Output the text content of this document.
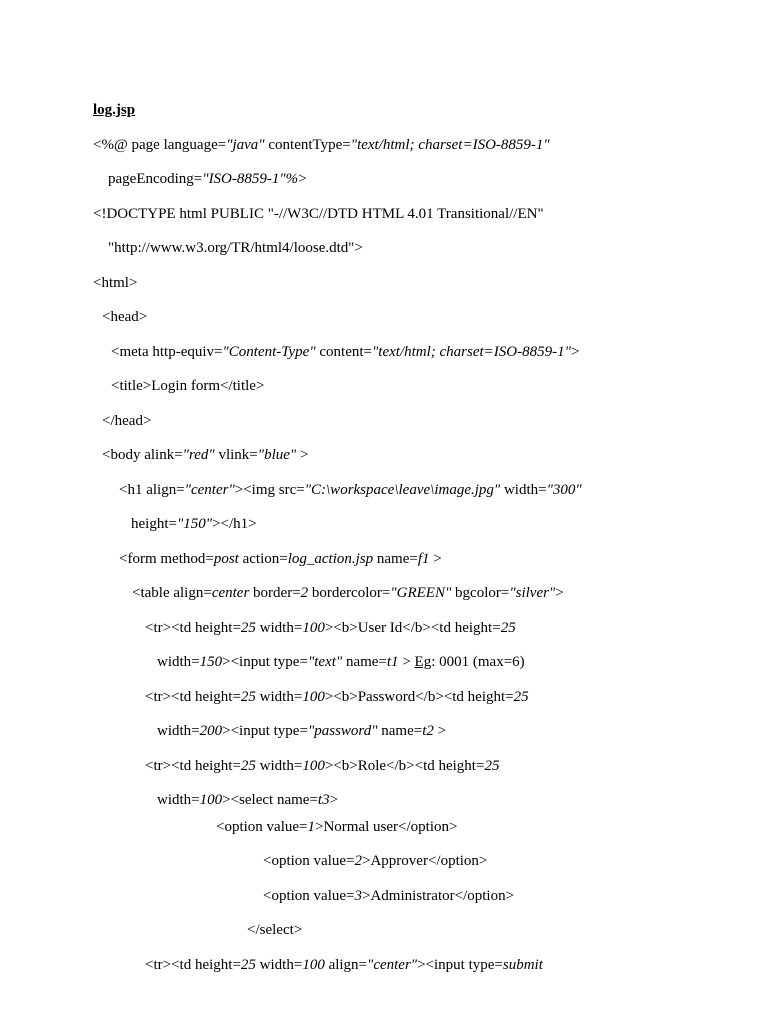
log.jsp
<%@ page language="java" contentType="text/html; charset=ISO-8859-1"
pageEncoding="ISO-8859-1"%>
<!DOCTYPE html PUBLIC "-//W3C//DTD HTML 4.01 Transitional//EN"
"http://www.w3.org/TR/html4/loose.dtd">
<html>
<head>
<meta http-equiv="Content-Type" content="text/html; charset=ISO-8859-1">
<title>Login form</title>
</head>
<body alink="red" vlink="blue" >
<h1 align="center"><img src="C:\workspace\leave\image.jpg" width="300"
height="150"></h1>
<form method=post action=log_action.jsp name=f1 >
<table align=center border=2 bordercolor="GREEN" bgcolor="silver">
<tr><td height=25 width=100><b>User Id</b><td height=25
width=150><input type="text" name=t1 > Eg: 0001 (max=6)
<tr><td height=25 width=100><b>Password</b><td height=25
width=200><input type="password" name=t2 >
<tr><td height=25 width=100><b>Role</b><td height=25
width=100><select name=t3>
<option value=1>Normal user</option>
<option value=2>Approver</option>
<option value=3>Administrator</option>
</select>
<tr><td height=25 width=100 align="center"><input type=submit
